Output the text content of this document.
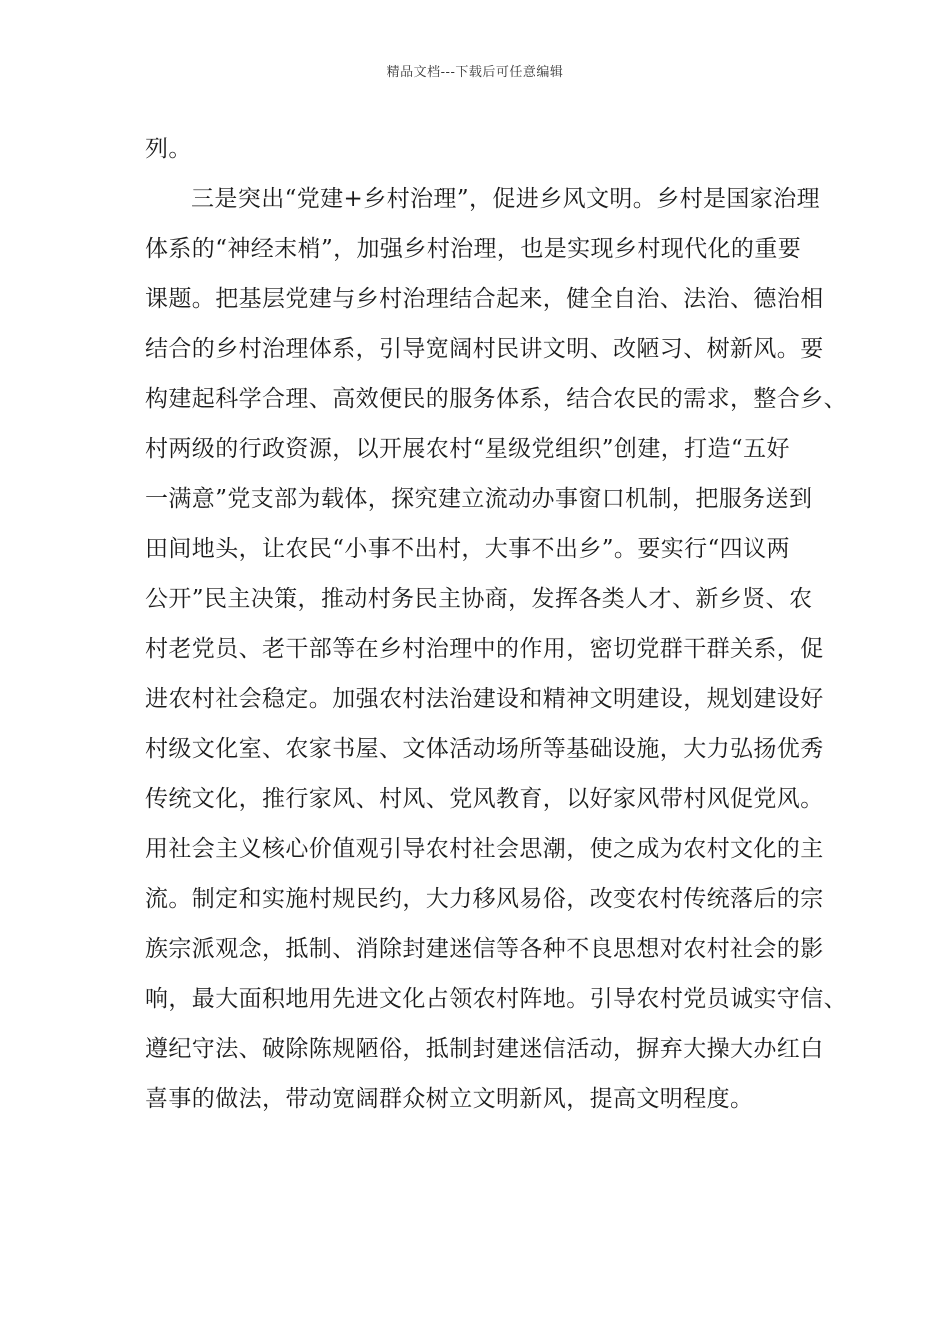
精品文档---下载后可任意编辑
列。
三是突出“党建+乡村治理”，促进乡风文明。乡村是国家治理
体系的“神经末梢”，加强乡村治理，也是实现乡村现代化的重要
课题。把基层党建与乡村治理结合起来，健全自治、法治、德治相
结合的乡村治理体系，引导宽阔村民讲文明、改陋习、树新风。要
构建起科学合理、高效便民的服务体系，结合农民的需求，整合乡、
村两级的行政资源，以开展农村“星级党组织”创建，打造“五好
一满意”党支部为载体，探究建立流动办事窗口机制，把服务送到
田间地头，让农民“小事不出村，大事不出乡”。要实行“四议两
公开”民主决策，推动村务民主协商，发挥各类人才、新乡贤、农
村老党员、老干部等在乡村治理中的作用，密切党群干群关系，促
进农村社会稳定。加强农村法治建设和精神文明建设，规划建设好
村级文化室、农家书屋、文体活动场所等基础设施，大力弘扬优秀
传统文化，推行家风、村风、党风教育，以好家风带村风促党风。
用社会主义核心价值观引导农村社会思潮，使之成为农村文化的主
流。制定和实施村规民约，大力移风易俗，改变农村传统落后的宗
族宗派观念，抵制、消除封建迷信等各种不良思想对农村社会的影
响，最大面积地用先进文化占领农村阵地。引导农村党员诚实守信、
遵纪守法、破除陈规陋俗，抵制封建迷信活动，摒弃大操大办红白
喜事的做法，带动宽阔群众树立文明新风，提高文明程度。
